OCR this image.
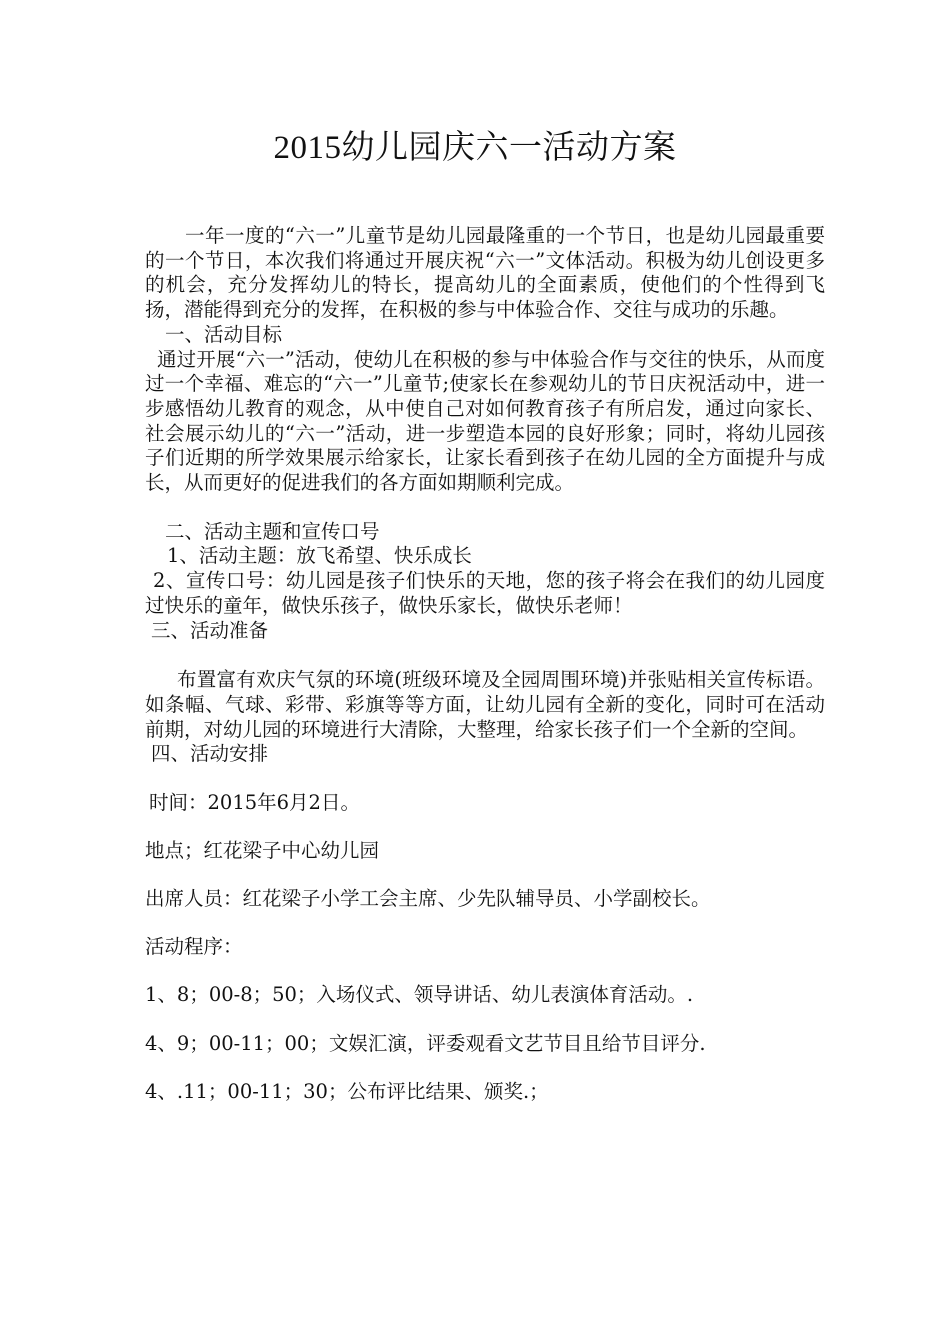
2015幼儿园庆六一活动方案

一年一度的“六一”儿童节是幼儿园最隆重的一个节日，也是幼儿园最重要的一个节日，本次我们将通过开展庆祝“六一”文体活动。积极为幼儿创设更多的机会，充分发挥幼儿的特长，提高幼儿的全面素质，使他们的个性得到飞扬，潜能得到充分的发挥，在积极的参与中体验合作、交往与成功的乐趣。

一、活动目标

通过开展“六一”活动，使幼儿在积极的参与中体验合作与交往的快乐，从而度过一个幸福、难忘的“六一”儿童节;使家长在参观幼儿的节日庆祝活动中，进一步感悟幼儿教育的观念，从中使自己对如何教育孩子有所启发，通过向家长、社会展示幼儿的“六一”活动，进一步塑造本园的良好形象；同时，将幼儿园孩子们近期的所学效果展示给家长，让家长看到孩子在幼儿园的全方面提升与成长，从而更好的促进我们的各方面如期顺利完成。

二、活动主题和宣传口号

1、活动主题：放飞希望、快乐成长

2、宣传口号：幼儿园是孩子们快乐的天地，您的孩子将会在我们的幼儿园度过快乐的童年，做快乐孩子，做快乐家长，做快乐老师！

三、活动准备

布置富有欢庆气氛的环境(班级环境及全园周围环境)并张贴相关宣传标语。如条幅、气球、彩带、彩旗等等方面，让幼儿园有全新的变化，同时可在活动前期，对幼儿园的环境进行大清除，大整理，给家长孩子们一个全新的空间。

四、活动安排

时间：2015年6月2日。

地点；红花梁子中心幼儿园

出席人员：红花梁子小学工会主席、少先队辅导员、小学副校长。

活动程序：

1、8；00-8；50；入场仪式、领导讲话、幼儿表演体育活动。.

4、9；00-11；00；文娱汇演，评委观看文艺节目且给节目评分.

4、.11；00-11；30；公布评比结果、颁奖.；
